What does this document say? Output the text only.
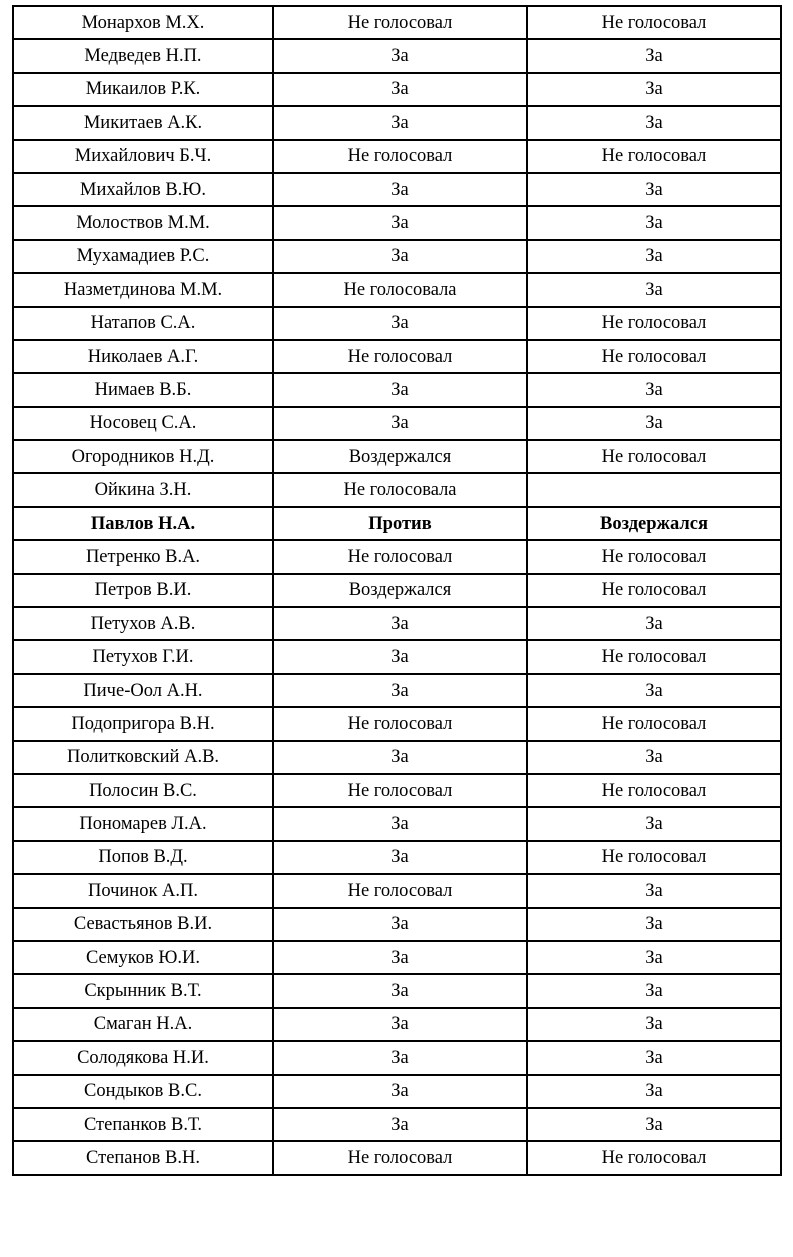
Монархов М.Х.	Не голосовал	Не голосовал
Медведев Н.П.	За	За
Микаилов Р.К.	За	За
Микитаев А.К.	За	За
Михайлович Б.Ч.	Не голосовал	Не голосовал
Михайлов В.Ю.	За	За
Молоствов М.М.	За	За
Мухамадиев Р.С.	За	За
Назметдинова М.М.	Не голосовала	За
Натапов С.А.	За	Не голосовал
Николаев А.Г.	Не голосовал	Не голосовал
Нимаев В.Б.	За	За
Носовец С.А.	За	За
Огородников Н.Д.	Воздержался	Не голосовал
Ойкина З.Н.	Не голосовала	
Павлов Н.А.	Против	Воздержался
Петренко В.А.	Не голосовал	Не голосовал
Петров В.И.	Воздержался	Не голосовал
Петухов А.В.	За	За
Петухов Г.И.	За	Не голосовал
Пиче-Оол А.Н.	За	За
Подопригора В.Н.	Не голосовал	Не голосовал
Политковский А.В.	За	За
Полосин В.С.	Не голосовал	Не голосовал
Пономарев Л.А.	За	За
Попов В.Д.	За	Не голосовал
Починок А.П.	Не голосовал	За
Севастьянов В.И.	За	За
Семуков Ю.И.	За	За
Скрынник В.Т.	За	За
Смаган Н.А.	За	За
Солодякова Н.И.	За	За
Сондыков В.С.	За	За
Степанков В.Т.	За	За
Степанов В.Н.	Не голосовал	Не голосовал
